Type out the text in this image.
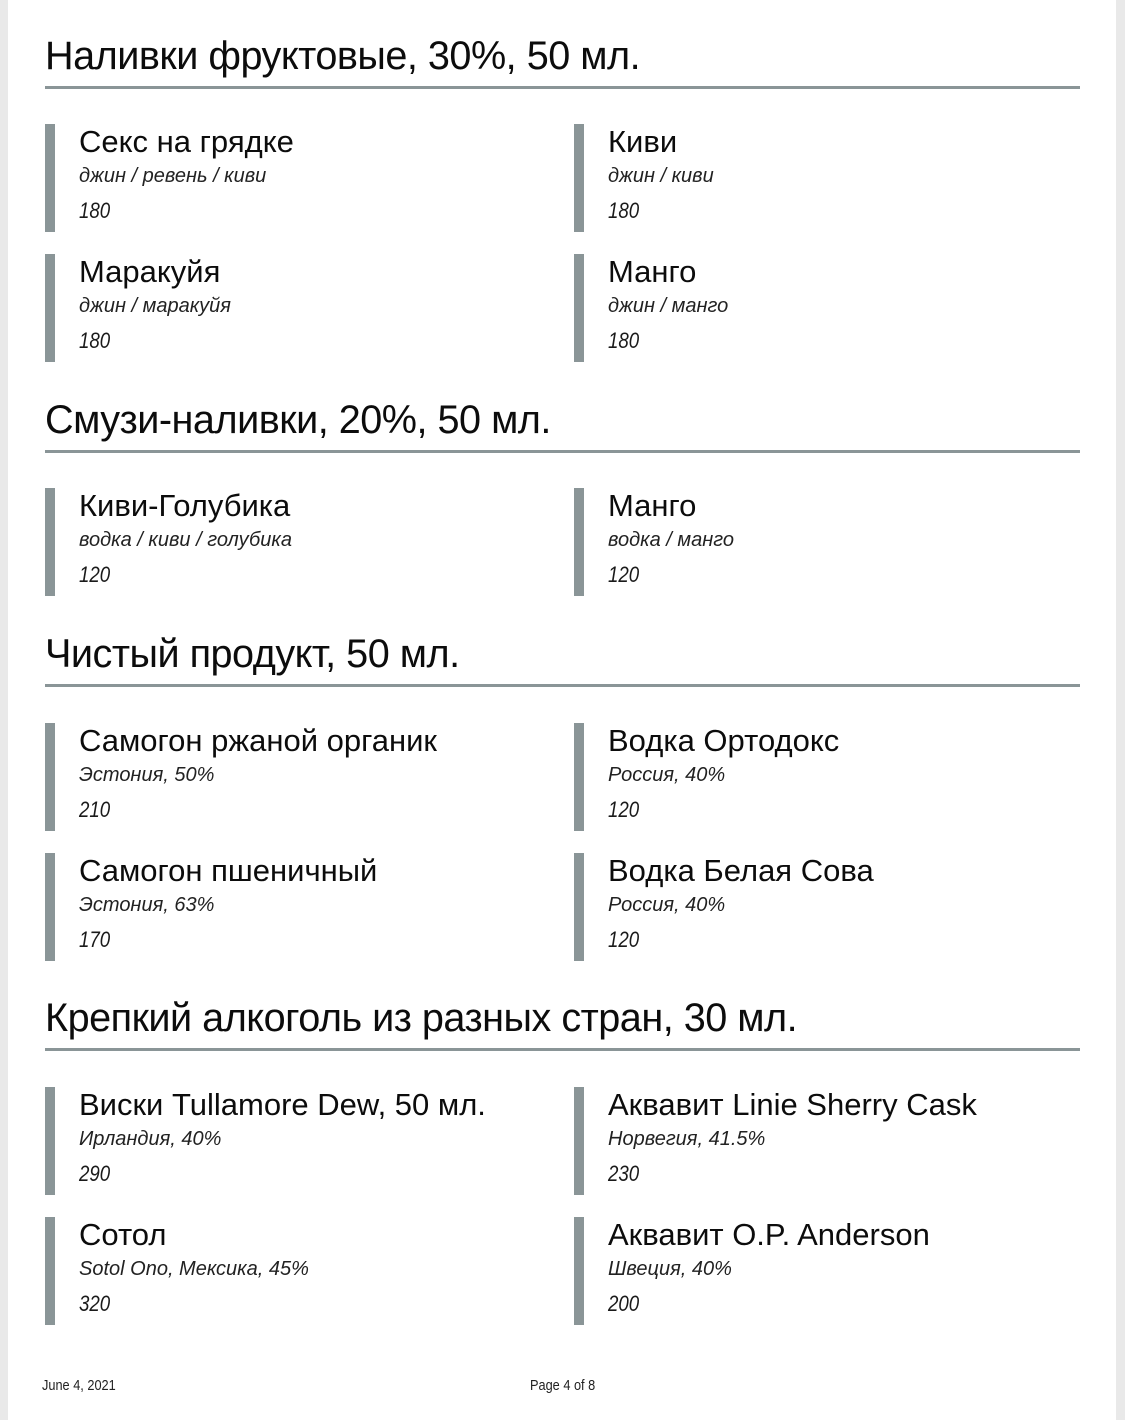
Наливки фруктовые, 30%, 50 мл.
Секс на грядке
джин / ревень / киви
180
Киви
джин / киви
180
Маракуйя
джин / маракуйя
180
Манго
джин / манго
180
Смузи-наливки, 20%, 50 мл.
Киви-Голубика
водка / киви / голубика
120
Манго
водка / манго
120
Чистый продукт, 50 мл.
Самогон ржаной органик
Эстония, 50%
210
Водка Ортодокс
Россия, 40%
120
Самогон пшеничный
Эстония, 63%
170
Водка Белая Сова
Россия, 40%
120
Крепкий алкоголь из разных стран, 30 мл.
Виски Tullamore Dew, 50 мл.
Ирландия, 40%
290
Аквавит Linie Sherry Cask
Норвегия, 41.5%
230
Сотол
Sotol Ono, Мексика, 45%
320
Аквавит O.P. Anderson
Швеция, 40%
200
June 4, 2021	Page 4 of 8
